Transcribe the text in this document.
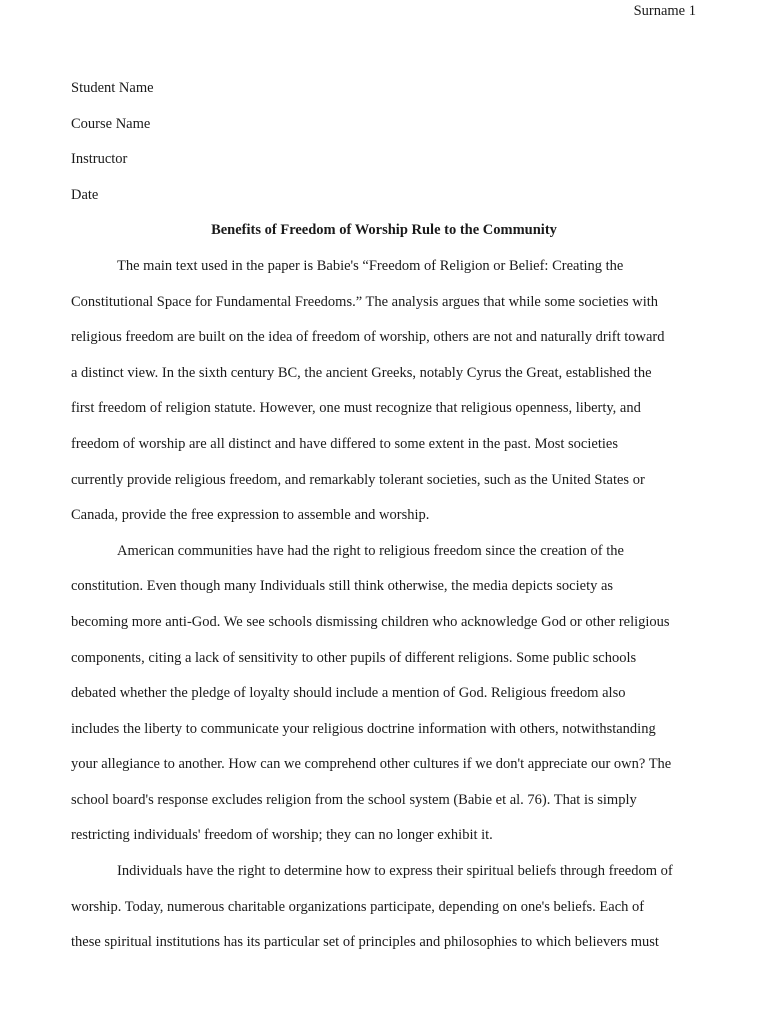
Surname 1

Student Name

Course Name

Instructor

Date

Benefits of Freedom of Worship Rule to the Community

The main text used in the paper is Babie's “Freedom of Religion or Belief: Creating the

Constitutional Space for Fundamental Freedoms.” The analysis argues that while some societies with

religious freedom are built on the idea of freedom of worship, others are not and naturally drift toward

a distinct view. In the sixth century BC, the ancient Greeks, notably Cyrus the Great, established the

first freedom of religion statute. However, one must recognize that religious openness, liberty, and

freedom of worship are all distinct and have differed to some extent in the past. Most societies

currently provide religious freedom, and remarkably tolerant societies, such as the United States or

Canada, provide the free expression to assemble and worship.

American communities have had the right to religious freedom since the creation of the

constitution. Even though many Individuals still think otherwise, the media depicts society as

becoming more anti-God. We see schools dismissing children who acknowledge God or other religious

components, citing a lack of sensitivity to other pupils of different religions. Some public schools

debated whether the pledge of loyalty should include a mention of God. Religious freedom also

includes the liberty to communicate your religious doctrine information with others, notwithstanding

your allegiance to another. How can we comprehend other cultures if we don't appreciate our own? The

school board's response excludes religion from the school system (Babie et al. 76). That is simply

restricting individuals' freedom of worship; they can no longer exhibit it.

Individuals have the right to determine how to express their spiritual beliefs through freedom of

worship. Today, numerous charitable organizations participate, depending on one's beliefs. Each of

these spiritual institutions has its particular set of principles and philosophies to which believers must
